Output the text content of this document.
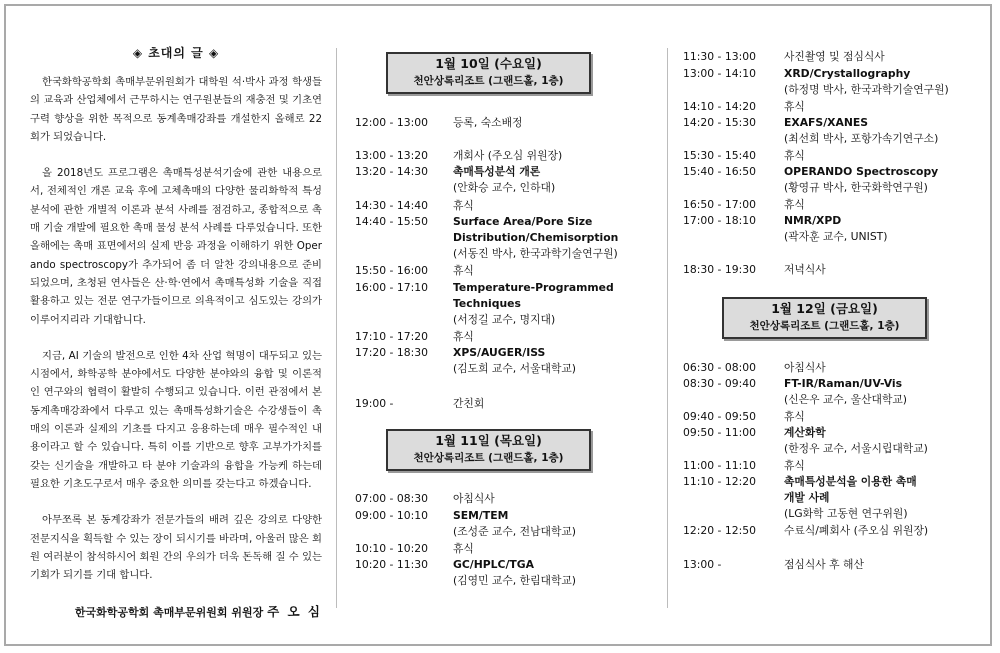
◈ 초대의 글 ◈

한국화학공학회 촉매부문위원회가 대학원 석·박사 과정 학생들의 교육과 산업체에서 근무하시는 연구원분들의 재충전 및 기초연구력 향상을 위한 목적으로 동계촉매강좌를 개설한지 올해로 22회가 되었습니다.

올 2018년도 프로그램은 촉매특성분석기술에 관한 내용으로서, 전체적인 개론 교육 후에 고체촉매의 다양한 물리화학적 특성 분석에 관한 개별적 이론과 분석 사례를 점검하고, 종합적으로 촉매 기술 개발에 필요한 촉매 물성 분석 사례를 다루었습니다. 또한 올해에는 촉매 표면에서의 실제 반응 과정을 이해하기 위한 Operando spectroscopy가 추가되어 좀 더 알찬 강의내용으로 준비되었으며, 초청된 연사들은 산·학·연에서 촉매특성화 기술을 직접 활용하고 있는 전문 연구가들이므로 의욕적이고 심도있는 강의가 이루어지리라 기대합니다.

지금, AI 기술의 발전으로 인한 4차 산업 혁명이 대두되고 있는 시점에서, 화학공학 분야에서도 다양한 분야와의 융합 및 이론적인 연구와의 협력이 활발히 수행되고 있습니다. 이런 관점에서 본 동계촉매강좌에서 다루고 있는 촉매특성화기술은 수강생들이 촉매의 이론과 실제의 기초를 다지고 응용하는데 매우 필수적인 내용이라고 할 수 있습니다. 특히 이를 기반으로 향후 고부가가치를 갖는 신기술을 개발하고 타 분야 기술과의 융합을 가능케 하는데 필요한 기초도구로서 매우 중요한 의미를 갖는다고 하겠습니다.

아무쪼록 본 동계강좌가 전문가들의 배려 깊은 강의로 다양한 전문지식을 획득할 수 있는 장이 되시기를 바라며, 아울러 많은 회원 여러분이 참석하시어 회원 간의 우의가 더욱 돈독해 질 수 있는 기회가 되기를 기대 합니다.

한국화학공학회 촉매부문위원회 위원장 주 오 심
1월 10일 (수요일)
천안상록리조트 (그랜드홀, 1층)
12:00 - 13:00	등록, 숙소배정
13:00 - 13:20	개회사 (주오심 위원장)
13:20 - 14:30	촉매특성분석 개론
(안화승 교수, 인하대)
14:30 - 14:40	휴식
14:40 - 15:50	Surface Area/Pore Size
Distribution/Chemisorption
(서동진 박사, 한국과학기술연구원)
15:50 - 16:00	휴식
16:00 - 17:10	Temperature-Programmed
Techniques
(서정길 교수, 명지대)
17:10 - 17:20	휴식
17:20 - 18:30	XPS/AUGER/ISS
(김도희 교수, 서울대학교)
19:00 -	간친회
1월 11일 (목요일)
천안상록리조트 (그랜드홀, 1층)
07:00 - 08:30	아침식사
09:00 - 10:10	SEM/TEM
(조성준 교수, 전남대학교)
10:10 - 10:20	휴식
10:20 - 11:30	GC/HPLC/TGA
(김영민 교수, 한림대학교)
11:30 - 13:00	사진촬영 및 점심식사
13:00 - 14:10	XRD/Crystallography
(하정명 박사, 한국과학기술연구원)
14:10 - 14:20	휴식
14:20 - 15:30	EXAFS/XANES
(최선희 박사, 포항가속기연구소)
15:30 - 15:40	휴식
15:40 - 16:50	OPERANDO Spectroscopy
(황영규 박사, 한국화학연구원)
16:50 - 17:00	휴식
17:00 - 18:10	NMR/XPD
(곽자훈 교수, UNIST)
18:30 - 19:30	저녁식사
1월 12일 (금요일)
천안상록리조트 (그랜드홀, 1층)
06:30 - 08:00	아침식사
08:30 - 09:40	FT-IR/Raman/UV-Vis
(신은우 교수, 울산대학교)
09:40 - 09:50	휴식
09:50 - 11:00	계산화학
(한정우 교수, 서울시립대학교)
11:00 - 11:10	휴식
11:10 - 12:20	촉매특성분석을 이용한 촉매
개발 사례
(LG화학 고동현 연구위원)
12:20 - 12:50	수료식/폐회사 (주오심 위원장)
13:00 -	점심식사 후 해산
